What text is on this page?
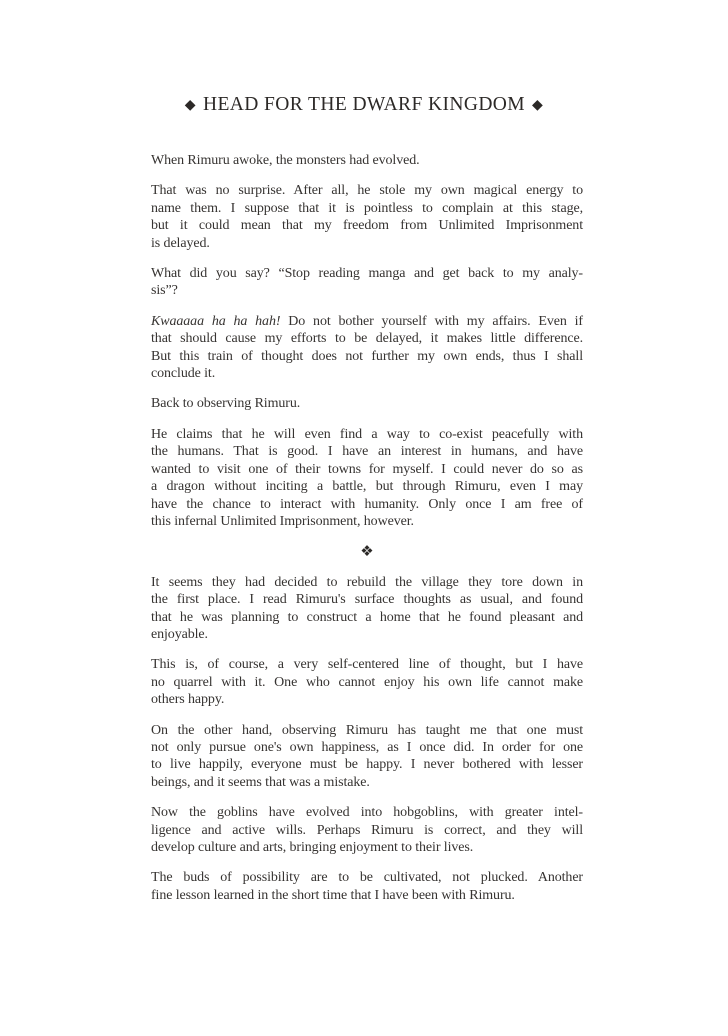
◆ HEAD FOR THE DWARF KINGDOM ◆
When Rimuru awoke, the monsters had evolved.
That was no surprise. After all, he stole my own magical energy to
name them. I suppose that it is pointless to complain at this stage,
but it could mean that my freedom from Unlimited Imprisonment
is delayed.
What did you say? “Stop reading manga and get back to my analy-
sis”?
Kwaaaaa ha ha hah! Do not bother yourself with my affairs. Even if
that should cause my efforts to be delayed, it makes little difference.
But this train of thought does not further my own ends, thus I shall
conclude it.
Back to observing Rimuru.
He claims that he will even find a way to co-exist peacefully with
the humans. That is good. I have an interest in humans, and have
wanted to visit one of their towns for myself. I could never do so as
a dragon without inciting a battle, but through Rimuru, even I may
have the chance to interact with humanity. Only once I am free of
this infernal Unlimited Imprisonment, however.
❖
It seems they had decided to rebuild the village they tore down in
the first place. I read Rimuru's surface thoughts as usual, and found
that he was planning to construct a home that he found pleasant and
enjoyable.
This is, of course, a very self-centered line of thought, but I have
no quarrel with it. One who cannot enjoy his own life cannot make
others happy.
On the other hand, observing Rimuru has taught me that one must
not only pursue one's own happiness, as I once did. In order for one
to live happily, everyone must be happy. I never bothered with lesser
beings, and it seems that was a mistake.
Now the goblins have evolved into hobgoblins, with greater intel-
ligence and active wills. Perhaps Rimuru is correct, and they will
develop culture and arts, bringing enjoyment to their lives.
The buds of possibility are to be cultivated, not plucked. Another
fine lesson learned in the short time that I have been with Rimuru.
